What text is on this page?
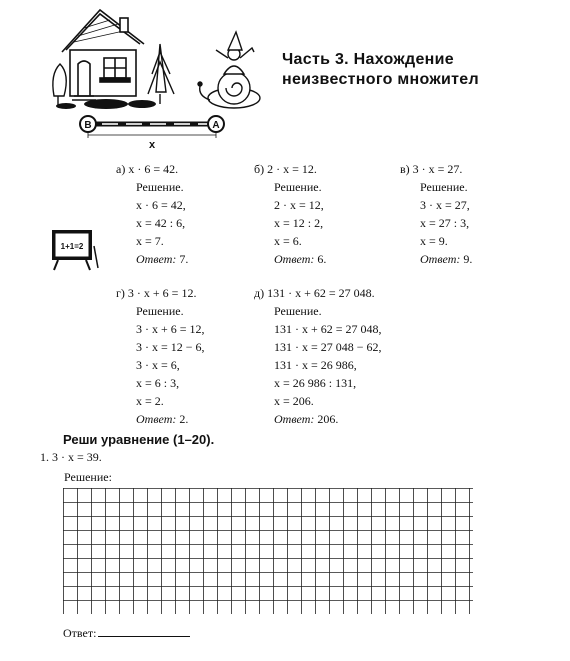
B	A
x
Часть 3. Нахождение
неизвестного множител
1+1=2
а) x · 6 = 42.
Решение.
x · 6 = 42,
x = 42 : 6,
x = 7.
Ответ: 7.
б) 2 · x = 12.
Решение.
2 · x = 12,
x = 12 : 2,
x = 6.
Ответ: 6.
в) 3 · x = 27.
Решение.
3 · x = 27,
x = 27 : 3,
x = 9.
Ответ: 9.
г) 3 · x + 6 = 12.
Решение.
3 · x + 6 = 12,
3 · x = 12 − 6,
3 · x = 6,
x = 6 : 3,
x = 2.
Ответ: 2.
д) 131 · x + 62 = 27 048.
Решение.
131 · x + 62 = 27 048,
131 · x = 27 048 − 62,
131 · x = 26 986,
x = 26 986 : 131,
x = 206.
Ответ: 206.
Реши уравнение (1–20).
1. 3 · x = 39.
Решение:
Ответ:
